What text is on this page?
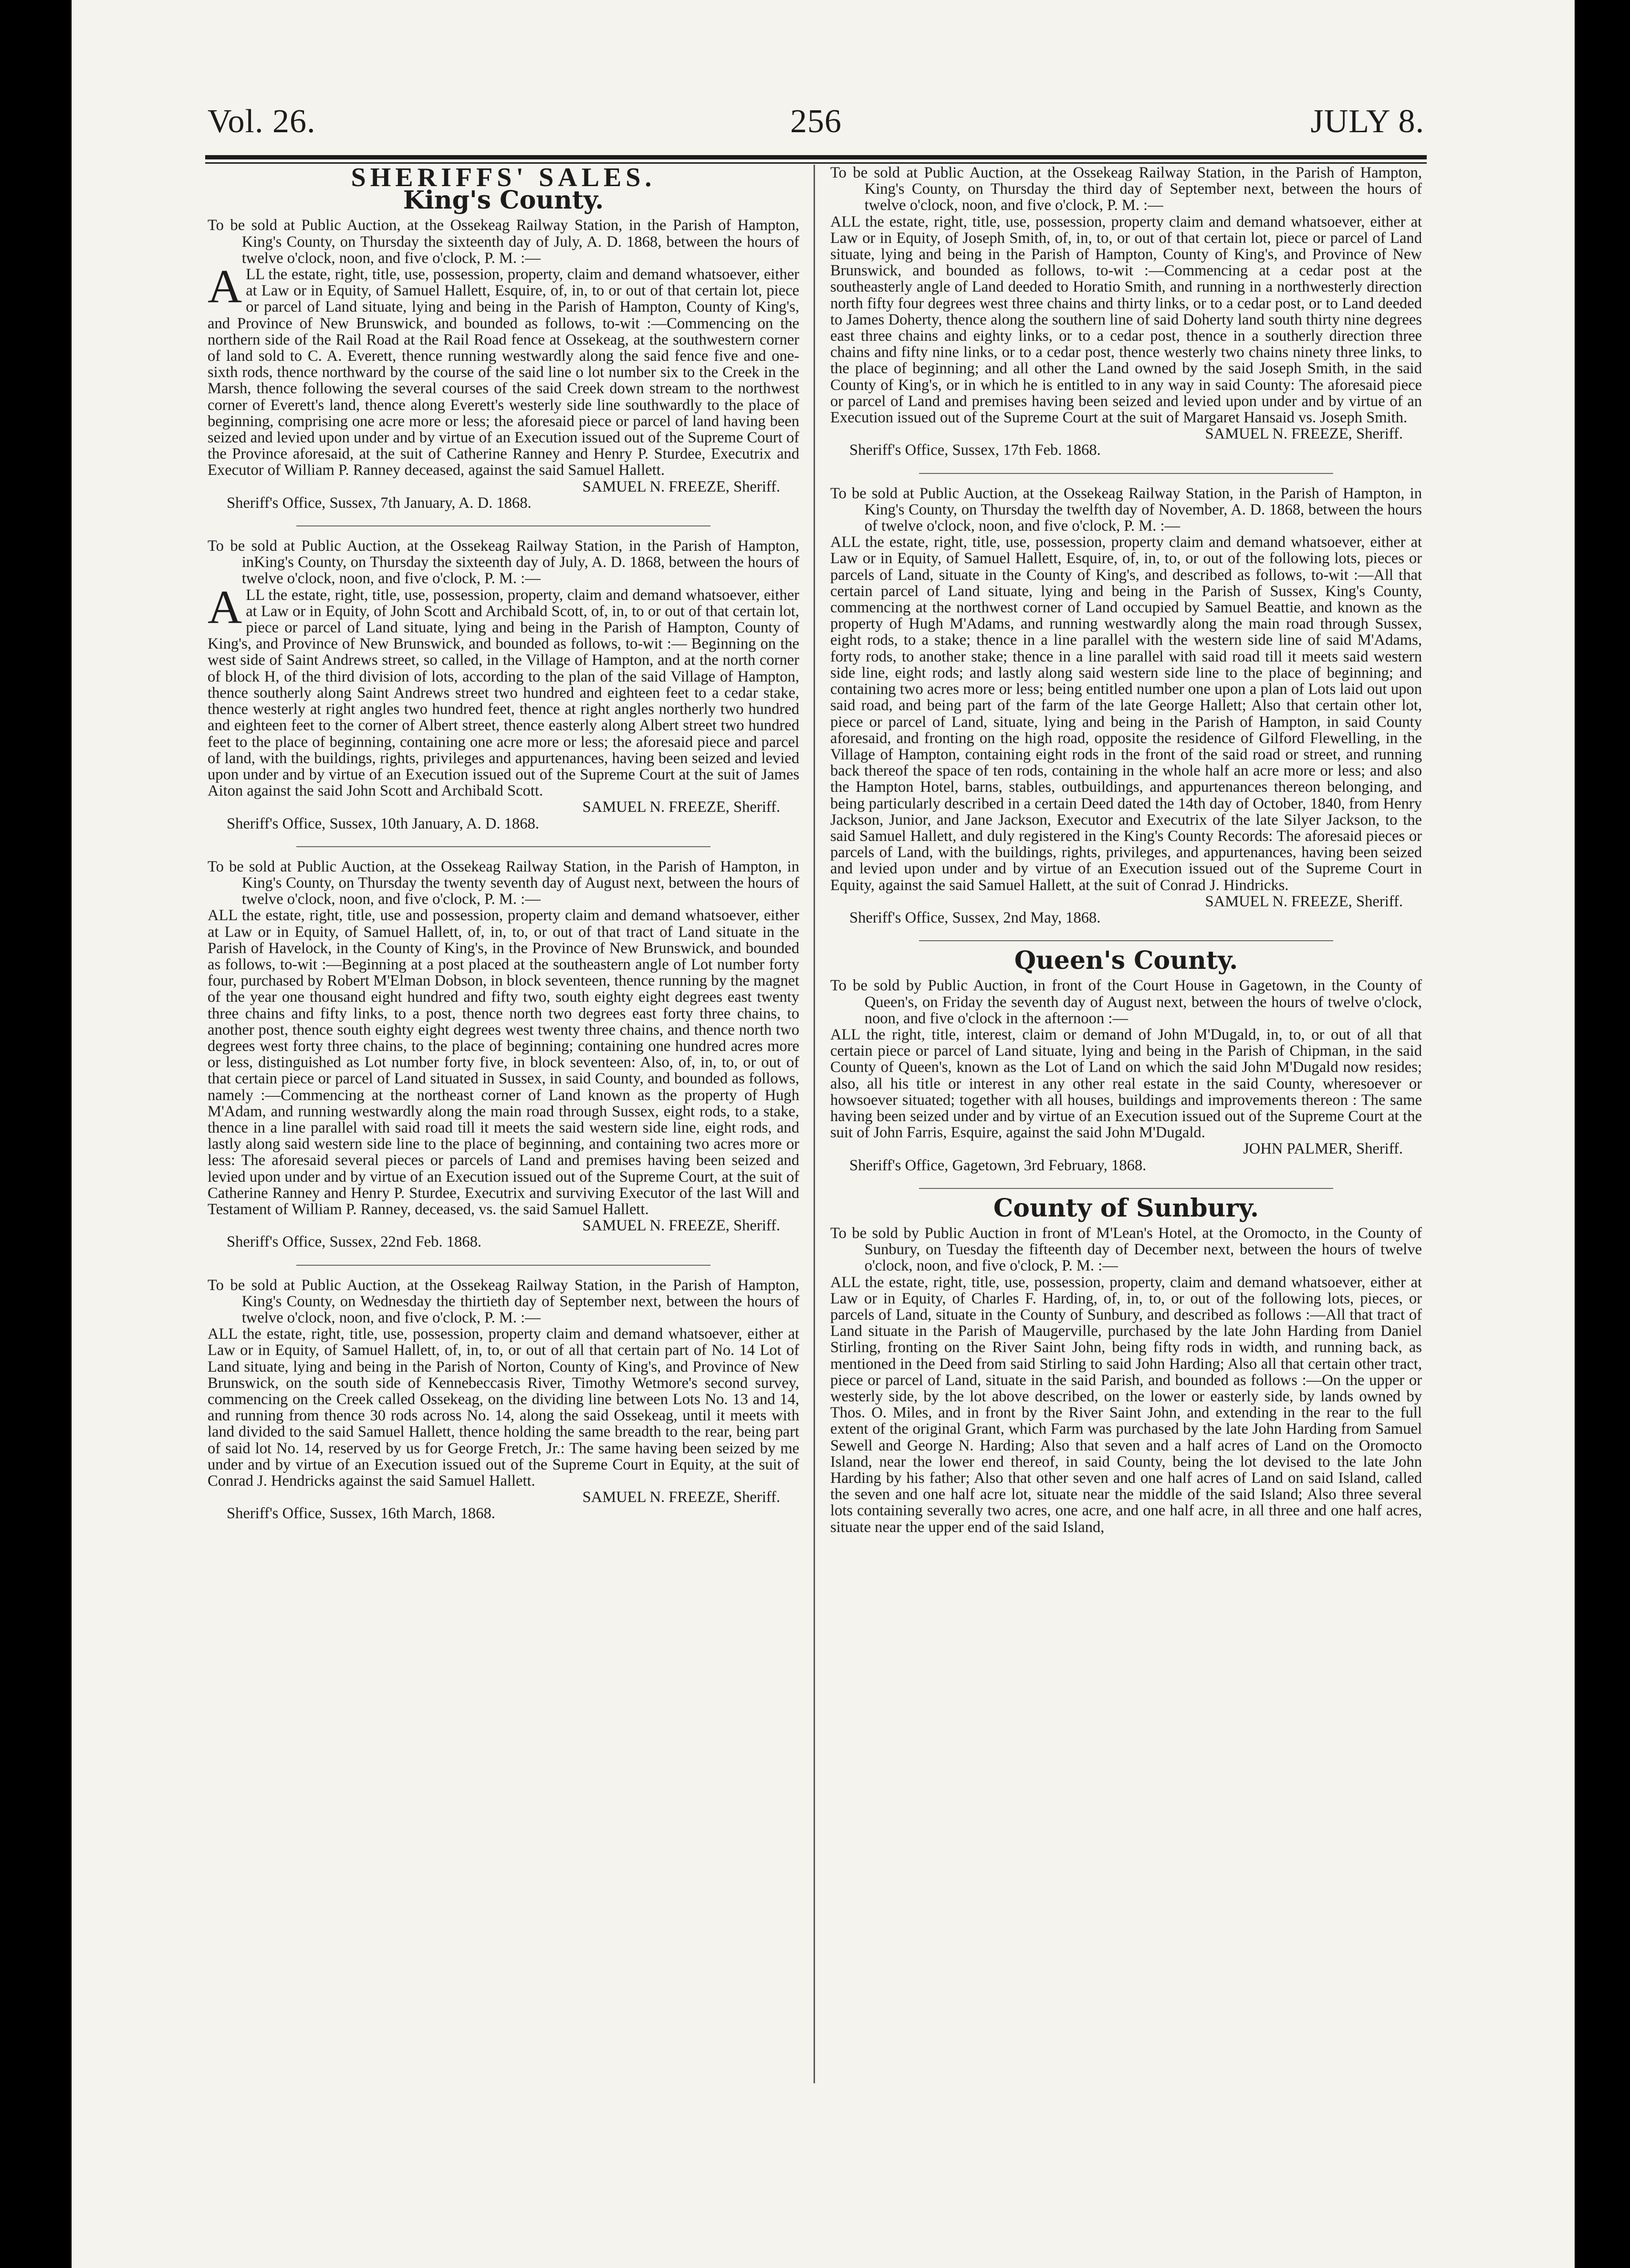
Vol. 26.	256	JULY 8.
SHERIFFS' SALES.
King's County.

To be sold at Public Auction, at the Ossekeag Railway Station, in the Parish of Hampton, King's County, on Thursday the sixteenth day of July, A. D. 1868, between the hours of twelve o'clock, noon, and five o'clock, P. M. :—

ALL the estate, right, title, use, possession, property, claim and demand whatsoever, either at Law or in Equity, of Samuel Hallett, Esquire, of, in, to or out of that certain lot, piece or parcel of Land situate, lying and being in the Parish of Hampton, County of King's, and Province of New Brunswick, and bounded as follows, to-wit :—Commencing on the northern side of the Rail Road at the Rail Road fence at Ossekeag, at the southwestern corner of land sold to C. A. Everett, thence running westwardly along the said fence five and one-sixth rods, thence northward by the course of the said line o lot number six to the Creek in the Marsh, thence following the several courses of the said Creek down stream to the northwest corner of Everett's land, thence along Everett's westerly side line southwardly to the place of beginning, comprising one acre more or less; the aforesaid piece or parcel of land having been seized and levied upon under and by virtue of an Execution issued out of the Supreme Court of the Province aforesaid, at the suit of Catherine Ranney and Henry P. Sturdee, Executrix and Executor of William P. Ranney deceased, against the said Samuel Hallett.

SAMUEL N. FREEZE, Sheriff.

Sheriff's Office, Sussex, 7th January, A. D. 1868.

To be sold at Public Auction, at the Ossekeag Railway Station, in the Parish of Hampton, inKing's County, on Thursday the sixteenth day of July, A. D. 1868, between the hours of twelve o'clock, noon, and five o'clock, P. M. :—

ALL the estate, right, title, use, possession, property, claim and demand whatsoever, either at Law or in Equity, of John Scott and Archibald Scott, of, in, to or out of that certain lot, piece or parcel of Land situate, lying and being in the Parish of Hampton, County of King's, and Province of New Brunswick, and bounded as follows, to-wit :— Beginning on the west side of Saint Andrews street, so called, in the Village of Hampton, and at the north corner of block H, of the third division of lots, according to the plan of the said Village of Hampton, thence southerly along Saint Andrews street two hundred and eighteen feet to a cedar stake, thence westerly at right angles two hundred feet, thence at right angles northerly two hundred and eighteen feet to the corner of Albert street, thence easterly along Albert street two hundred feet to the place of beginning, containing one acre more or less; the aforesaid piece and parcel of land, with the buildings, rights, privileges and appurtenances, having been seized and levied upon under and by virtue of an Execution issued out of the Supreme Court at the suit of James Aiton against the said John Scott and Archibald Scott.

SAMUEL N. FREEZE, Sheriff.

Sheriff's Office, Sussex, 10th January, A. D. 1868.

To be sold at Public Auction, at the Ossekeag Railway Station, in the Parish of Hampton, in King's County, on Thursday the twenty seventh day of August next, between the hours of twelve o'clock, noon, and five o'clock, P. M. :—

ALL the estate, right, title, use and possession, property claim and demand whatsoever, either at Law or in Equity, of Samuel Hallett, of, in, to, or out of that tract of Land situate in the Parish of Havelock, in the County of King's, in the Province of New Brunswick, and bounded as follows, to-wit :—Beginning at a post placed at the southeastern angle of Lot number forty four, purchased by Robert M'Elman Dobson, in block seventeen, thence running by the magnet of the year one thousand eight hundred and fifty two, south eighty eight degrees east twenty three chains and fifty links, to a post, thence north two degrees east forty three chains, to another post, thence south eighty eight degrees west twenty three chains, and thence north two degrees west forty three chains, to the place of beginning; containing one hundred acres more or less, distinguished as Lot number forty five, in block seventeen: Also, of, in, to, or out of that certain piece or parcel of Land situated in Sussex, in said County, and bounded as follows, namely :—Commencing at the northeast corner of Land known as the property of Hugh M'Adam, and running westwardly along the main road through Sussex, eight rods, to a stake, thence in a line parallel with said road till it meets the said western side line, eight rods, and lastly along said western side line to the place of beginning, and containing two acres more or less: The aforesaid several pieces or parcels of Land and premises having been seized and levied upon under and by virtue of an Execution issued out of the Supreme Court, at the suit of Catherine Ranney and Henry P. Sturdee, Executrix and surviving Executor of the last Will and Testament of William P. Ranney, deceased, vs. the said Samuel Hallett.

SAMUEL N. FREEZE, Sheriff.

Sheriff's Office, Sussex, 22nd Feb. 1868.

To be sold at Public Auction, at the Ossekeag Railway Station, in the Parish of Hampton, King's County, on Wednesday the thirtieth day of September next, between the hours of twelve o'clock, noon, and five o'clock, P. M. :—

ALL the estate, right, title, use, possession, property claim and demand whatsoever, either at Law or in Equity, of Samuel Hallett, of, in, to, or out of all that certain part of No. 14 Lot of Land situate, lying and being in the Parish of Norton, County of King's, and Province of New Brunswick, on the south side of Kennebeccasis River, Timothy Wetmore's second survey, commencing on the Creek called Ossekeag, on the dividing line between Lots No. 13 and 14, and running from thence 30 rods across No. 14, along the said Ossekeag, until it meets with land divided to the said Samuel Hallett, thence holding the same breadth to the rear, being part of said lot No. 14, reserved by us for George Fretch, Jr.: The same having been seized by me under and by virtue of an Execution issued out of the Supreme Court in Equity, at the suit of Conrad J. Hendricks against the said Samuel Hallett.

SAMUEL N. FREEZE, Sheriff.

Sheriff's Office, Sussex, 16th March, 1868.

To be sold at Public Auction, at the Ossekeag Railway Station, in the Parish of Hampton, King's County, on Thursday the third day of September next, between the hours of twelve o'clock, noon, and five o'clock, P. M. :—

ALL the estate, right, title, use, possession, property claim and demand whatsoever, either at Law or in Equity, of Joseph Smith, of, in, to, or out of that certain lot, piece or parcel of Land situate, lying and being in the Parish of Hampton, County of King's, and Province of New Brunswick, and bounded as follows, to-wit :—Commencing at a cedar post at the southeasterly angle of Land deeded to Horatio Smith, and running in a northwesterly direction north fifty four degrees west three chains and thirty links, or to a cedar post, or to Land deeded to James Doherty, thence along the southern line of said Doherty land south thirty nine degrees east three chains and eighty links, or to a cedar post, thence in a southerly direction three chains and fifty nine links, or to a cedar post, thence westerly two chains ninety three links, to the place of beginning; and all other the Land owned by the said Joseph Smith, in the said County of King's, or in which he is entitled to in any way in said County: The aforesaid piece or parcel of Land and premises having been seized and levied upon under and by virtue of an Execution issued out of the Supreme Court at the suit of Margaret Hansaid vs. Joseph Smith.

SAMUEL N. FREEZE, Sheriff.

Sheriff's Office, Sussex, 17th Feb. 1868.

To be sold at Public Auction, at the Ossekeag Railway Station, in the Parish of Hampton, in King's County, on Thursday the twelfth day of November, A. D. 1868, between the hours of twelve o'clock, noon, and five o'clock, P. M. :—

ALL the estate, right, title, use, possession, property claim and demand whatsoever, either at Law or in Equity, of Samuel Hallett, Esquire, of, in, to, or out of the following lots, pieces or parcels of Land, situate in the County of King's, and described as follows, to-wit :—All that certain parcel of Land situate, lying and being in the Parish of Sussex, King's County, commencing at the northwest corner of Land occupied by Samuel Beattie, and known as the property of Hugh M'Adams, and running westwardly along the main road through Sussex, eight rods, to a stake; thence in a line parallel with the western side line of said M'Adams, forty rods, to another stake; thence in a line parallel with said road till it meets said western side line, eight rods; and lastly along said western side line to the place of beginning; and containing two acres more or less; being entitled number one upon a plan of Lots laid out upon said road, and being part of the farm of the late George Hallett; Also that certain other lot, piece or parcel of Land, situate, lying and being in the Parish of Hampton, in said County aforesaid, and fronting on the high road, opposite the residence of Gilford Flewelling, in the Village of Hampton, containing eight rods in the front of the said road or street, and running back thereof the space of ten rods, containing in the whole half an acre more or less; and also the Hampton Hotel, barns, stables, outbuildings, and appurtenances thereon belonging, and being particularly described in a certain Deed dated the 14th day of October, 1840, from Henry Jackson, Junior, and Jane Jackson, Executor and Executrix of the late Silyer Jackson, to the said Samuel Hallett, and duly registered in the King's County Records: The aforesaid pieces or parcels of Land, with the buildings, rights, privileges, and appurtenances, having been seized and levied upon under and by virtue of an Execution issued out of the Supreme Court in Equity, against the said Samuel Hallett, at the suit of Conrad J. Hindricks.

SAMUEL N. FREEZE, Sheriff.

Sheriff's Office, Sussex, 2nd May, 1868.

Queen's County.

To be sold by Public Auction, in front of the Court House in Gagetown, in the County of Queen's, on Friday the seventh day of August next, between the hours of twelve o'clock, noon, and five o'clock in the afternoon :—

ALL the right, title, interest, claim or demand of John M'Dugald, in, to, or out of all that certain piece or parcel of Land situate, lying and being in the Parish of Chipman, in the said County of Queen's, known as the Lot of Land on which the said John M'Dugald now resides; also, all his title or interest in any other real estate in the said County, wheresoever or howsoever situated; together with all houses, buildings and improvements thereon : The same having been seized under and by virtue of an Execution issued out of the Supreme Court at the suit of John Farris, Esquire, against the said John M'Dugald.

JOHN PALMER, Sheriff.

Sheriff's Office, Gagetown, 3rd February, 1868.

County of Sunbury.

To be sold by Public Auction in front of M'Lean's Hotel, at the Oromocto, in the County of Sunbury, on Tuesday the fifteenth day of December next, between the hours of twelve o'clock, noon, and five o'clock, P. M. :—

ALL the estate, right, title, use, possession, property, claim and demand whatsoever, either at Law or in Equity, of Charles F. Harding, of, in, to, or out of the following lots, pieces, or parcels of Land, situate in the County of Sunbury, and described as follows :—All that tract of Land situate in the Parish of Maugerville, purchased by the late John Harding from Daniel Stirling, fronting on the River Saint John, being fifty rods in width, and running back, as mentioned in the Deed from said Stirling to said John Harding; Also all that certain other tract, piece or parcel of Land, situate in the said Parish, and bounded as follows :—On the upper or westerly side, by the lot above described, on the lower or easterly side, by lands owned by Thos. O. Miles, and in front by the River Saint John, and extending in the rear to the full extent of the original Grant, which Farm was purchased by the late John Harding from Samuel Sewell and George N. Harding; Also that seven and a half acres of Land on the Oromocto Island, near the lower end thereof, in said County, being the lot devised to the late John Harding by his father; Also that other seven and one half acres of Land on said Island, called the seven and one half acre lot, situate near the middle of the said Island; Also three several lots containing severally two acres, one acre, and one half acre, in all three and one half acres, situate near the upper end of the said Island,
